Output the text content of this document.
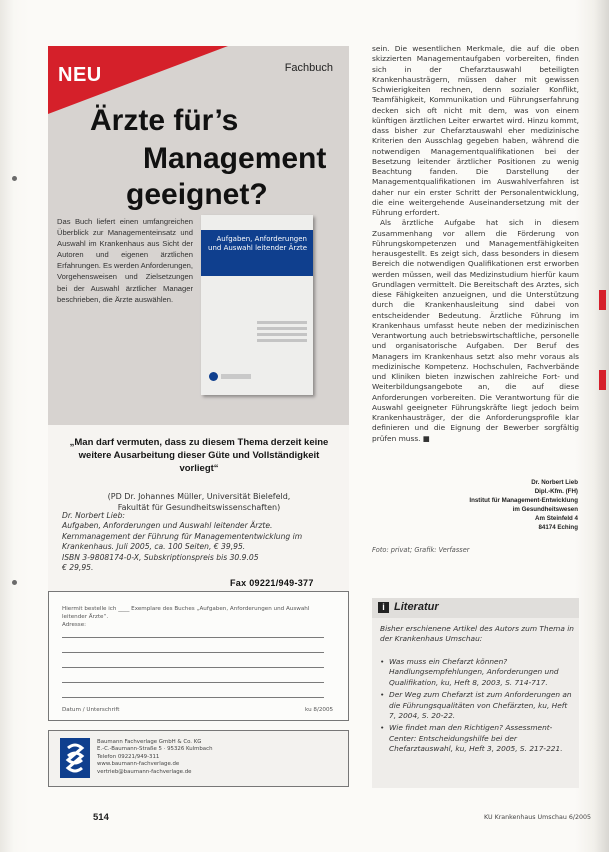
NEU	Fachbuch
Ärzte für’s
Management
geeignet?
Das Buch liefert einen umfangreichen Überblick zur Managementeinsatz und Auswahl im Krankenhaus aus Sicht der Autoren und eigenen ärztlichen Erfahrungen. Es werden Anforderungen, Vorgehensweisen und Zielsetzungen bei der Auswahl ärztlicher Manager beschrieben, die Ärzte auswählen.
Aufgaben, Anforderungen und Auswahl leitender Ärzte
„Man darf vermuten, dass zu diesem Thema derzeit keine weitere Ausarbeitung dieser Güte und Vollständigkeit vorliegt“
(PD Dr. Johannes Müller, Universität Bielefeld,
Fakultät für Gesundheitswissenschaften)
Dr. Norbert Lieb:
Aufgaben, Anforderungen und Auswahl leitender Ärzte. Kernmanagement der Führung für Managemententwicklung im Krankenhaus. Juli 2005, ca. 100 Seiten, € 39,95.
ISBN 3-9808174-0-X, Subskriptionspreis bis 30.9.05
€ 29,95.
Fax 09221/949-377
Hiermit bestelle ich ____ Exemplare des Buches „Aufgaben, Anforderungen und Auswahl leitender Ärzte“.
Adresse:
Datum / Unterschrift	ku 8/2005
Baumann Fachverlage GmbH & Co. KG
E.-C.-Baumann-Straße 5 · 95326 Kulmbach
Telefon 09221/949-311
www.baumann-fachverlage.de
vertrieb@baumann-fachverlage.de

sein. Die wesentlichen Merkmale, die auf die oben skizzierten Managementaufgaben vorbereiten, finden sich in der Chefarztauswahl beteiligten Krankenhausträgern, müssen daher mit gewissen Schwierigkeiten rechnen, denn sozialer Konflikt, Teamfähigkeit, Kommunikation und Führungserfahrung decken sich oft nicht mit dem, was von einem künftigen ärztlichen Leiter erwartet wird. Hinzu kommt, dass bisher zur Chefarztauswahl eher medizinische Kriterien den Ausschlag gegeben haben, während die notwendigen Managementqualifikationen bei der Besetzung leitender ärztlicher Positionen zu wenig Beachtung fanden. Die Darstellung der Managementqualifikationen im Auswahlverfahren ist daher nur ein erster Schritt der Personalentwicklung, die eine weitergehende Auseinandersetzung mit der Führung erfordert.

Als ärztliche Aufgabe hat sich in diesem Zusammenhang vor allem die Förderung von Führungskompetenzen und Managementfähigkeiten herausgestellt. Es zeigt sich, dass besonders in diesem Bereich die notwendigen Qualifikationen erst erworben werden müssen, weil das Medizinstudium hierfür kaum Grundlagen vermittelt. Die Bereitschaft des Arztes, sich diese Fähigkeiten anzueignen, und die Unterstützung durch die Krankenhausleitung sind dabei von entscheidender Bedeutung. Ärztliche Führung im Krankenhaus umfasst heute neben der medizinischen Verantwortung auch betriebswirtschaftliche, personelle und organisatorische Aufgaben. Der Beruf des Managers im Krankenhaus setzt also mehr voraus als medizinische Kompetenz. Hochschulen, Fachverbände und Kliniken bieten inzwischen zahlreiche Fort- und Weiterbildungsangebote an, die auf diese Anforderungen vorbereiten. Die Verantwortung für die Auswahl geeigneter Führungskräfte liegt jedoch beim Krankenhausträger, der die Anforderungsprofile klar definieren und die Eignung der Bewerber sorgfältig prüfen muss. ■

Dr. Norbert Lieb
Dipl.-Kfm. (FH)
Institut für Management-Entwicklung
im Gesundheitswesen
Am Steinfeld 4
84174 Eching
Foto: privat; Grafik: Verfasser
i Literatur
Bisher erschienene Artikel des Autors zum Thema in der Krankenhaus Umschau:
• Was muss ein Chefarzt können? Handlungsempfehlungen, Anforderungen und Qualifikation, ku, Heft 8, 2003, S. 714-717.
• Der Weg zum Chefarzt ist zum Anforderungen an die Führungsqualitäten von Chefärzten, ku, Heft 7, 2004, S. 20-22.
• Wie findet man den Richtigen? Assessment-Center: Entscheidungshilfe bei der Chefarztauswahl, ku, Heft 3, 2005, S. 217-221.
514	KU Krankenhaus Umschau 6/2005
